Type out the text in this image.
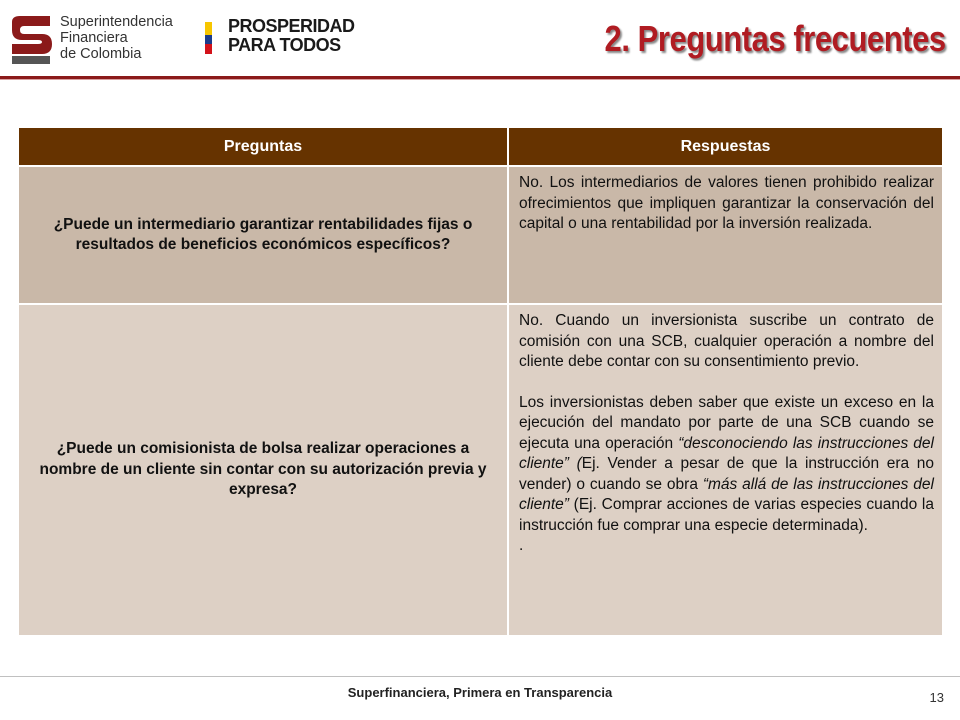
Superintendencia
Financiera
de Colombia
PROSPERIDAD
PARA TODOS	2. Preguntas frecuentes
Preguntas	Respuestas
¿Puede un intermediario garantizar rentabilidades fijas o resultados de beneficios económicos específicos?	No. Los intermediarios de valores tienen prohibido realizar ofrecimientos que impliquen garantizar la conservación del capital o una rentabilidad por la inversión realizada.

¿Puede un comisionista de bolsa realizar operaciones a nombre de un cliente sin contar con su autorización previa y expresa?	No. Cuando un inversionista suscribe un contrato de comisión con una SCB, cualquier operación a nombre del cliente debe contar con su consentimiento previo.

Los inversionistas deben saber que existe un exceso en la ejecución del mandato por parte de una SCB cuando se ejecuta una operación “desconociendo las instrucciones del cliente” (Ej. Vender a pesar de que la instrucción era no vender) o cuando se obra “más allá de las instrucciones del cliente” (Ej. Comprar acciones de varias especies cuando la instrucción fue comprar una especie determinada).

.
Superfinanciera, Primera en Transparencia	13
